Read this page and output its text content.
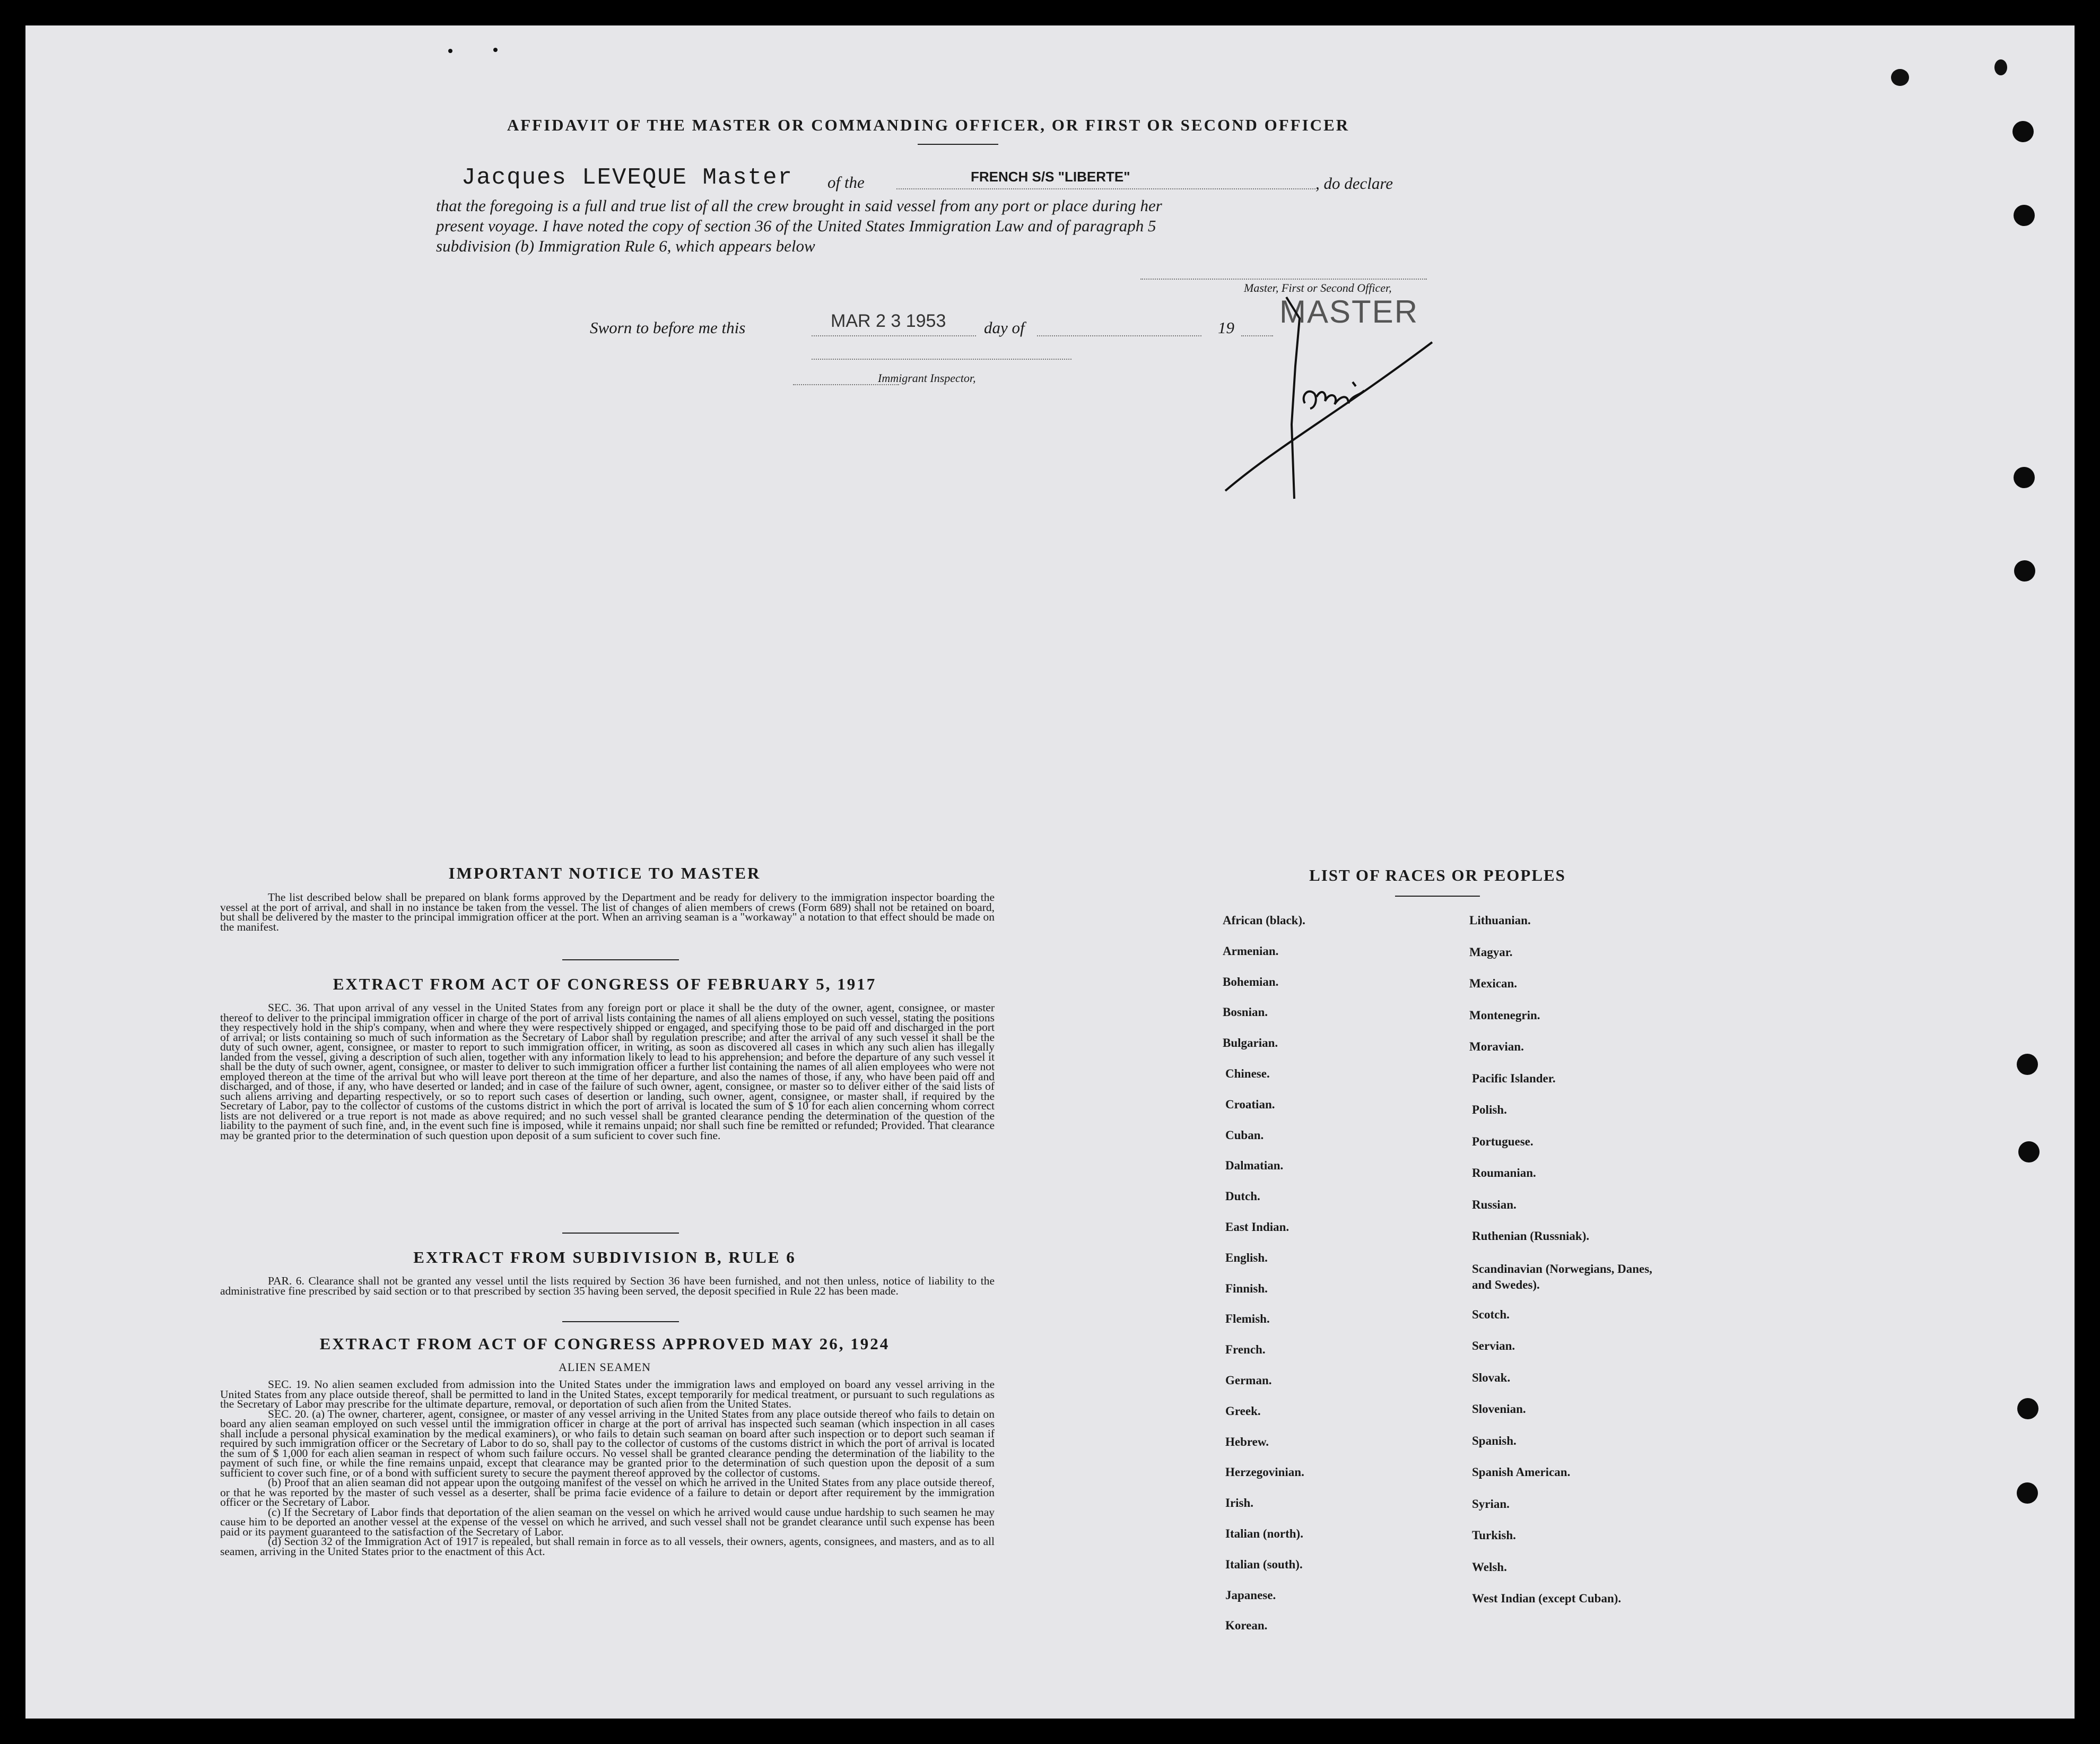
AFFIDAVIT OF THE MASTER OR COMMANDING OFFICER, OR FIRST OR SECOND OFFICER
Jacques LEVEQUE Master of the	FRENCH S/S "LIBERTE"	, do declare
that the foregoing is a full and true list of all the crew brought in said vessel from any port or place during her
present voyage. I have noted the copy of section 36 of the United States Immigration Law and of paragraph 5
subdivision (b) Immigration Rule 6, which appears below
Master, First or Second Officer,
MASTER
Sworn to before me this	MAR 2 3 1953 day of	19
Immigrant Inspector,
IMPORTANT NOTICE TO MASTER

The list described below shall be prepared on blank forms approved by the Department and be ready for delivery to the immigration inspector boarding the vessel at the port of arrival, and shall in no instance be taken from the vessel. The list of changes of alien members of crews (Form 689) shall not be retained on board, but shall be delivered by the master to the principal immigration officer at the port. When an arriving seaman is a "workaway" a notation to that effect should be made on the manifest.

EXTRACT FROM ACT OF CONGRESS OF FEBRUARY 5, 1917

SEC. 36. That upon arrival of any vessel in the United States from any foreign port or place it shall be the duty of the owner, agent, consignee, or master thereof to deliver to the principal immigration officer in charge of the port of arrival lists containing the names of all aliens employed on such vessel, stating the positions they respectively hold in the ship's company, when and where they were respectively shipped or engaged, and specifying those to be paid off and discharged in the port of arrival; or lists containing so much of such information as the Secretary of Labor shall by regulation prescribe; and after the arrival of any such vessel it shall be the duty of such owner, agent, consignee, or master to report to such immigration officer, in writing, as soon as discovered all cases in which any such alien has illegally landed from the vessel, giving a description of such alien, together with any information likely to lead to his apprehension; and before the departure of any such vessel it shall be the duty of such owner, agent, consignee, or master to deliver to such immigration officer a further list containing the names of all alien employees who were not employed thereon at the time of the arrival but who will leave port thereon at the time of her departure, and also the names of those, if any, who have been paid off and discharged, and of those, if any, who have deserted or landed; and in case of the failure of such owner, agent, consignee, or master so to deliver either of the said lists of such aliens arriving and departing respectively, or so to report such cases of desertion or landing, such owner, agent, consignee, or master shall, if required by the Secretary of Labor, pay to the collector of customs of the customs district in which the port of arrival is located the sum of $ 10 for each alien concerning whom correct lists are not delivered or a true report is not made as above required; and no such vessel shall be granted clearance pending the determination of the question of the liability to the payment of such fine, and, in the event such fine is imposed, while it remains unpaid; nor shall such fine be remitted or refunded; Provided. That clearance may be granted prior to the determination of such question upon deposit of a sum suficient to cover such fine.

EXTRACT FROM SUBDIVISION B, RULE 6

PAR. 6. Clearance shall not be granted any vessel until the lists required by Section 36 have been furnished, and not then unless, notice of liability to the administrative fine prescribed by said section or to that prescribed by section 35 having been served, the deposit specified in Rule 22 has been made.

EXTRACT FROM ACT OF CONGRESS APPROVED MAY 26, 1924
ALIEN SEAMEN

SEC. 19. No alien seamen excluded from admission into the United States under the immigration laws and employed on board any vessel arriving in the United States from any place outside thereof, shall be permitted to land in the United States, except temporarily for medical treatment, or pursuant to such regulations as the Secretary of Labor may prescribe for the ultimate departure, removal, or deportation of such alien from the United States.

SEC. 20. (a) The owner, charterer, agent, consignee, or master of any vessel arriving in the United States from any place outside thereof who fails to detain on board any alien seaman employed on such vessel until the immigration officer in charge at the port of arrival has inspected such seaman (which inspection in all cases shall include a personal physical examination by the medical examiners), or who fails to detain such seaman on board after such inspection or to deport such seaman if required by such immigration officer or the Secretary of Labor to do so, shall pay to the collector of customs of the customs district in which the port of arrival is located the sum of $ 1,000 for each alien seaman in respect of whom such failure occurs. No vessel shall be granted clearance pending the determination of the liability to the payment of such fine, or while the fine remains unpaid, except that clearance may be granted prior to the determination of such question upon the deposit of a sum sufficient to cover such fine, or of a bond with sufficient surety to secure the payment thereof approved by the collector of customs.

(b) Proof that an alien seaman did not appear upon the outgoing manifest of the vessel on which he arrived in the United States from any place outside thereof, or that he was reported by the master of such vessel as a deserter, shall be prima facie evidence of a failure to detain or deport after requirement by the immigration officer or the Secretary of Labor.

(c) If the Secretary of Labor finds that deportation of the alien seaman on the vessel on which he arrived would cause undue hardship to such seamen he may cause him to be deported an another vessel at the expense of the vessel on which he arrived, and such vessel shall not be grandet clearance until such expense has been paid or its payment guaranteed to the satisfaction of the Secretary of Labor.

(d) Section 32 of the Immigration Act of 1917 is repealed, but shall remain in force as to all vessels, their owners, agents, consignees, and masters, and as to all seamen, arriving in the United States prior to the enactment of this Act.

LIST OF RACES OR PEOPLES
African (black).
Armenian.
Bohemian.
Bosnian.
Bulgarian.
Chinese.
Croatian.
Cuban.
Dalmatian.
Dutch.
East Indian.
English.
Finnish.
Flemish.
French.
German.
Greek.
Hebrew.
Herzegovinian.
Irish.
Italian (north).
Italian (south).
Japanese.
Korean.
Lithuanian.
Magyar.
Mexican.
Montenegrin.
Moravian.
Pacific Islander.
Polish.
Portuguese.
Roumanian.
Russian.
Ruthenian (Russniak).
Scandinavian (Norwegians, Danes, and Swedes).
Scotch.
Servian.
Slovak.
Slovenian.
Spanish.
Spanish American.
Syrian.
Turkish.
Welsh.
West Indian (except Cuban).
